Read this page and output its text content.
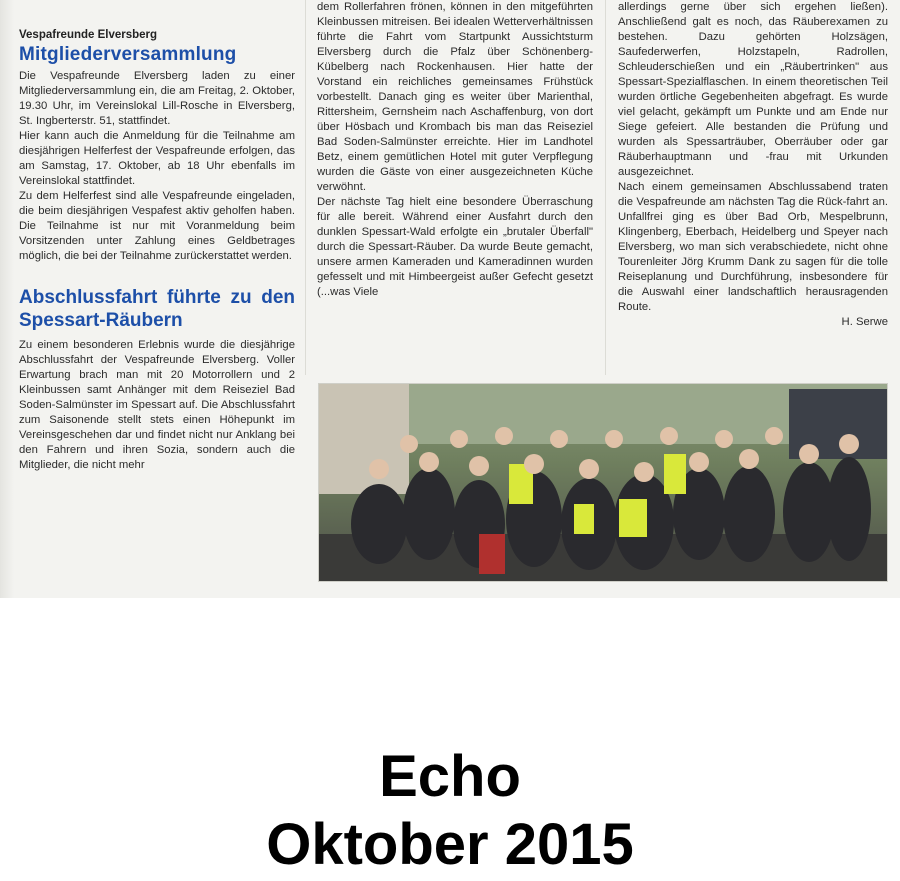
Vespafreunde Elversberg

Mitgliederversammlung

Die Vespafreunde Elversberg laden zu einer Mitgliederversammlung ein, die am Freitag, 2. Oktober, 19.30 Uhr, im Vereinslokal Lill-Rosche in Elversberg, St. Ingberterstr. 51, stattfindet.

Hier kann auch die Anmeldung für die Teilnahme am diesjährigen Helferfest der Vespafreunde erfolgen, das am Samstag, 17. Oktober, ab 18 Uhr ebenfalls im Vereinslokal stattfindet.

Zu dem Helferfest sind alle Vespafreunde eingeladen, die beim diesjährigen Vespafest aktiv geholfen haben. Die Teilnahme ist nur mit Voranmeldung beim Vorsitzenden unter Zahlung eines Geldbetrages möglich, die bei der Teilnahme zurückerstattet werden.

Abschlussfahrt führte zu den Spessart-Räubern

Zu einem besonderen Erlebnis wurde die diesjährige Abschlussfahrt der Vespafreunde Elversberg. Voller Erwartung brach man mit 20 Motorrollern und 2 Kleinbussen samt Anhänger mit dem Reiseziel Bad Soden-Salmünster im Spessart auf. Die Abschlussfahrt zum Saisonende stellt stets einen Höhepunkt im Vereinsgeschehen dar und findet nicht nur Anklang bei den Fahrern und ihren Sozia, sondern auch die Mitglieder, die nicht mehr

dem Rollerfahren frönen, können in den mitgeführten Kleinbussen mitreisen. Bei idealen Wetterverhältnissen führte die Fahrt vom Startpunkt Aussichtsturm Elversberg durch die Pfalz über Schönenberg-Kübelberg nach Rockenhausen. Hier hatte der Vorstand ein reichliches gemeinsames Frühstück vorbestellt. Danach ging es weiter über Marienthal, Rittersheim, Gernsheim nach Aschaffenburg, von dort über Hösbach und Krombach bis man das Reiseziel Bad Soden-Salmünster erreichte. Hier im Landhotel Betz, einem gemütlichen Hotel mit guter Verpflegung wurden die Gäste von einer ausgezeichneten Küche verwöhnt.

Der nächste Tag hielt eine besondere Überraschung für alle bereit. Während einer Ausfahrt durch den dunklen Spessart-Wald erfolgte ein „brutaler Überfall" durch die Spessart-Räuber. Da wurde Beute gemacht, unsere armen Kameraden und Kameradinnen wurden gefesselt und mit Himbeergeist außer Gefecht gesetzt (...was Viele

allerdings gerne über sich ergehen ließen). Anschließend galt es noch, das Räuberexamen zu bestehen. Dazu gehörten Holzsägen, Saufederwerfen, Holzstapeln, Radrollen, Schleuderschießen und ein „Räubertrinken" aus Spessart-Spezialflaschen. In einem theoretischen Teil wurden örtliche Gegebenheiten abgefragt. Es wurde viel gelacht, gekämpft um Punkte und am Ende nur Siege gefeiert. Alle bestanden die Prüfung und wurden als Spessarträuber, Oberräuber oder gar Räuberhauptmann und -frau mit Urkunden ausgezeichnet.

Nach einem gemeinsamen Abschlussabend traten die Vespafreunde am nächsten Tag die Rück-fahrt an. Unfallfrei ging es über Bad Orb, Mespelbrunn, Klingenberg, Eberbach, Heidelberg und Speyer nach Elversberg, wo man sich verabschiedete, nicht ohne Tourenleiter Jörg Krumm Dank zu sagen für die tolle Reiseplanung und Durchführung, insbesondere für die Auswahl einer landschaftlich herausragenden Route.

H. Serwe

Echo
Oktober 2015
